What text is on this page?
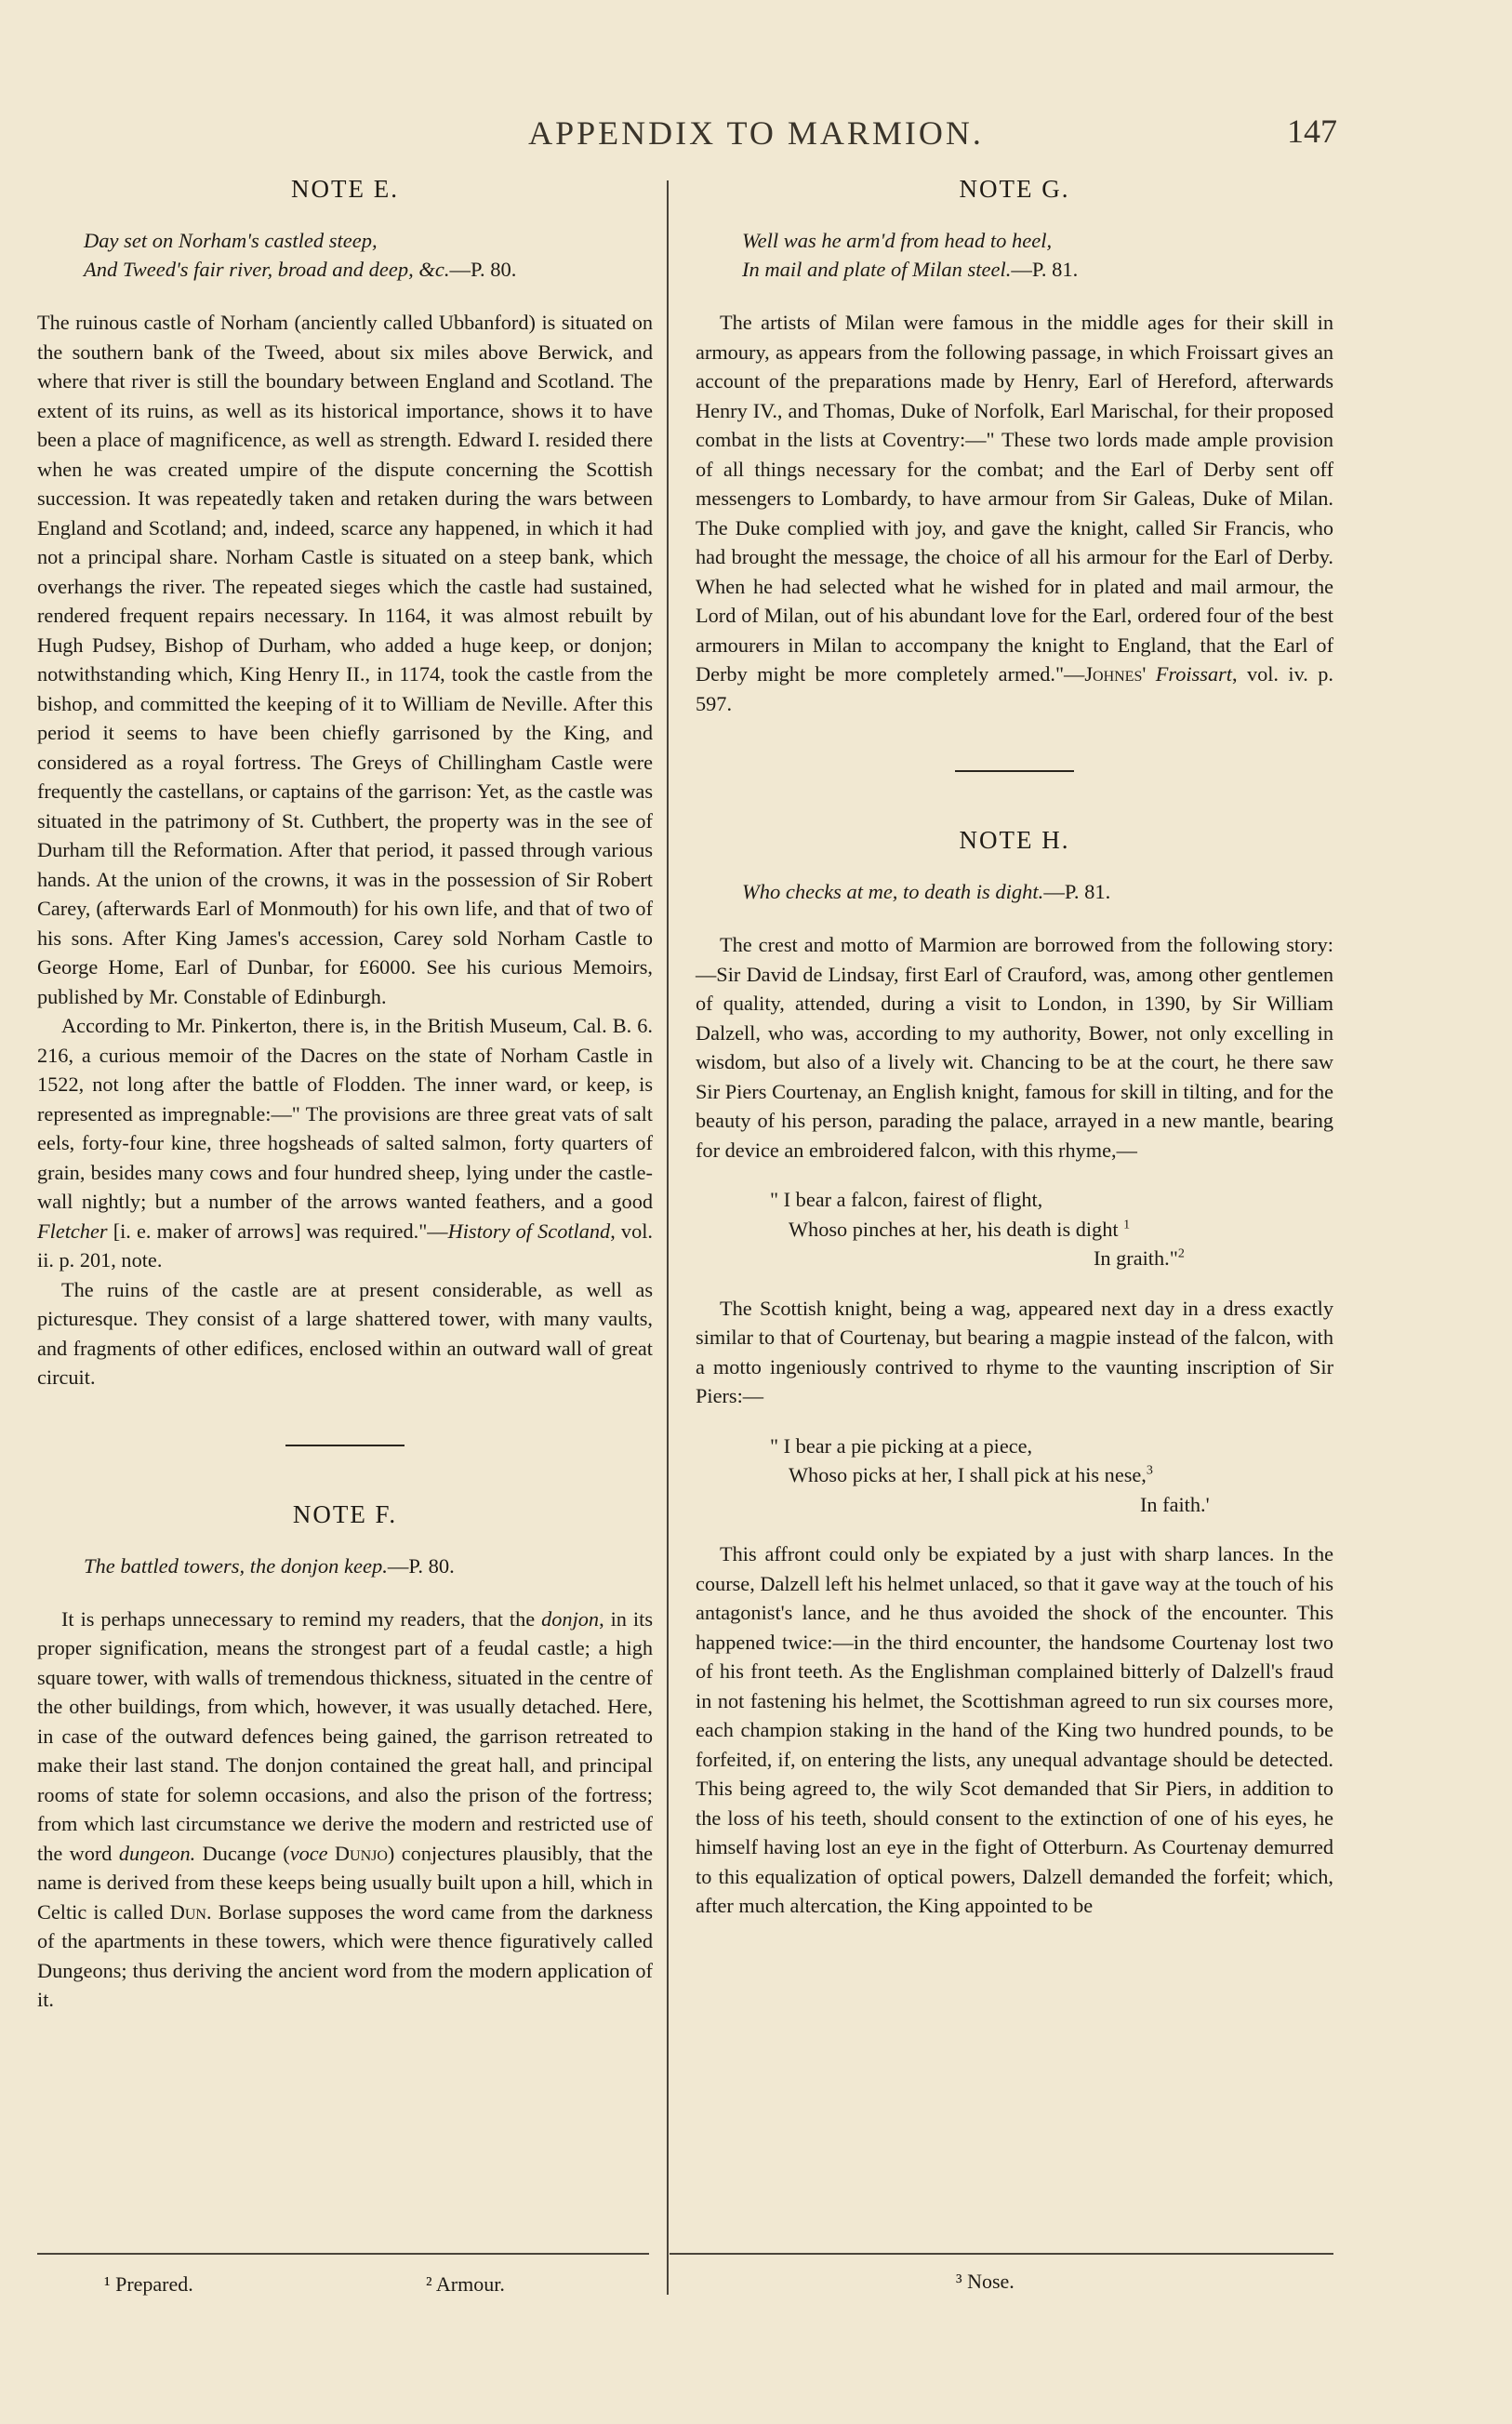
APPENDIX TO MARMION.	147
NOTE E.
Day set on Norham's castled steep,
And Tweed's fair river, broad and deep, &c.—P. 80.

The ruinous castle of Norham (anciently called Ubbanford) is situated on the southern bank of the Tweed, about six miles above Berwick, and where that river is still the boundary between England and Scotland. The extent of its ruins, as well as its historical importance, shows it to have been a place of magnificence, as well as strength. Edward I. resided there when he was created umpire of the dispute concerning the Scottish succession. It was repeatedly taken and retaken during the wars between England and Scotland; and, indeed, scarce any happened, in which it had not a principal share. Norham Castle is situated on a steep bank, which overhangs the river. The repeated sieges which the castle had sustained, rendered frequent repairs necessary. In 1164, it was almost rebuilt by Hugh Pudsey, Bishop of Durham, who added a huge keep, or donjon; notwithstanding which, King Henry II., in 1174, took the castle from the bishop, and committed the keeping of it to William de Neville. After this period it seems to have been chiefly garrisoned by the King, and considered as a royal fortress. The Greys of Chillingham Castle were frequently the castellans, or captains of the garrison: Yet, as the castle was situated in the patrimony of St. Cuthbert, the property was in the see of Durham till the Reformation. After that period, it passed through various hands. At the union of the crowns, it was in the possession of Sir Robert Carey, (afterwards Earl of Monmouth) for his own life, and that of two of his sons. After King James's accession, Carey sold Norham Castle to George Home, Earl of Dunbar, for £6000. See his curious Memoirs, published by Mr. Constable of Edinburgh.

According to Mr. Pinkerton, there is, in the British Museum, Cal. B. 6. 216, a curious memoir of the Dacres on the state of Norham Castle in 1522, not long after the battle of Flodden. The inner ward, or keep, is represented as impregnable:—" The provisions are three great vats of salt eels, forty-four kine, three hogsheads of salted salmon, forty quarters of grain, besides many cows and four hundred sheep, lying under the castle-wall nightly; but a number of the arrows wanted feathers, and a good Fletcher [i. e. maker of arrows] was required."—History of Scotland, vol. ii. p. 201, note.

The ruins of the castle are at present considerable, as well as picturesque. They consist of a large shattered tower, with many vaults, and fragments of other edifices, enclosed within an outward wall of great circuit.

NOTE F.
The battled towers, the donjon keep.—P. 80.

It is perhaps unnecessary to remind my readers, that the donjon, in its proper signification, means the strongest part of a feudal castle; a high square tower, with walls of tremendous thickness, situated in the centre of the other buildings, from which, however, it was usually detached. Here, in case of the outward defences being gained, the garrison retreated to make their last stand. The donjon contained the great hall, and principal rooms of state for solemn occasions, and also the prison of the fortress; from which last circumstance we derive the modern and restricted use of the word dungeon. Ducange (voce Dunjo) conjectures plausibly, that the name is derived from these keeps being usually built upon a hill, which in Celtic is called Dun. Borlase supposes the word came from the darkness of the apartments in these towers, which were thence figuratively called Dungeons; thus deriving the ancient word from the modern application of it.

NOTE G.
Well was he arm'd from head to heel,
In mail and plate of Milan steel.—P. 81.

The artists of Milan were famous in the middle ages for their skill in armoury, as appears from the following passage, in which Froissart gives an account of the preparations made by Henry, Earl of Hereford, afterwards Henry IV., and Thomas, Duke of Norfolk, Earl Marischal, for their proposed combat in the lists at Coventry:—" These two lords made ample provision of all things necessary for the combat; and the Earl of Derby sent off messengers to Lombardy, to have armour from Sir Galeas, Duke of Milan. The Duke complied with joy, and gave the knight, called Sir Francis, who had brought the message, the choice of all his armour for the Earl of Derby. When he had selected what he wished for in plated and mail armour, the Lord of Milan, out of his abundant love for the Earl, ordered four of the best armourers in Milan to accompany the knight to England, that the Earl of Derby might be more completely armed."—Johnes' Froissart, vol. iv. p. 597.

NOTE H.
Who checks at me, to death is dight.—P. 81.

The crest and motto of Marmion are borrowed from the following story:—Sir David de Lindsay, first Earl of Crauford, was, among other gentlemen of quality, attended, during a visit to London, in 1390, by Sir William Dalzell, who was, according to my authority, Bower, not only excelling in wisdom, but also of a lively wit. Chancing to be at the court, he there saw Sir Piers Courtenay, an English knight, famous for skill in tilting, and for the beauty of his person, parading the palace, arrayed in a new mantle, bearing for device an embroidered falcon, with this rhyme,—

" I bear a falcon, fairest of flight,
Whoso pinches at her, his death is dight $^1$
In graith."$^2$

The Scottish knight, being a wag, appeared next day in a dress exactly similar to that of Courtenay, but bearing a magpie instead of the falcon, with a motto ingeniously contrived to rhyme to the vaunting inscription of Sir Piers:—

" I bear a pie picking at a piece,
Whoso picks at her, I shall pick at his nese,$^3$
In faith.'

This affront could only be expiated by a just with sharp lances. In the course, Dalzell left his helmet unlaced, so that it gave way at the touch of his antagonist's lance, and he thus avoided the shock of the encounter. This happened twice:—in the third encounter, the handsome Courtenay lost two of his front teeth. As the Englishman complained bitterly of Dalzell's fraud in not fastening his helmet, the Scottishman agreed to run six courses more, each champion staking in the hand of the King two hundred pounds, to be forfeited, if, on entering the lists, any unequal advantage should be detected. This being agreed to, the wily Scot demanded that Sir Piers, in addition to the loss of his teeth, should consent to the extinction of one of his eyes, he himself having lost an eye in the fight of Otterburn. As Courtenay demurred to this equalization of optical powers, Dalzell demanded the forfeit; which, after much altercation, the King appointed to be

¹ Prepared.	² Armour.	³ Nose.
